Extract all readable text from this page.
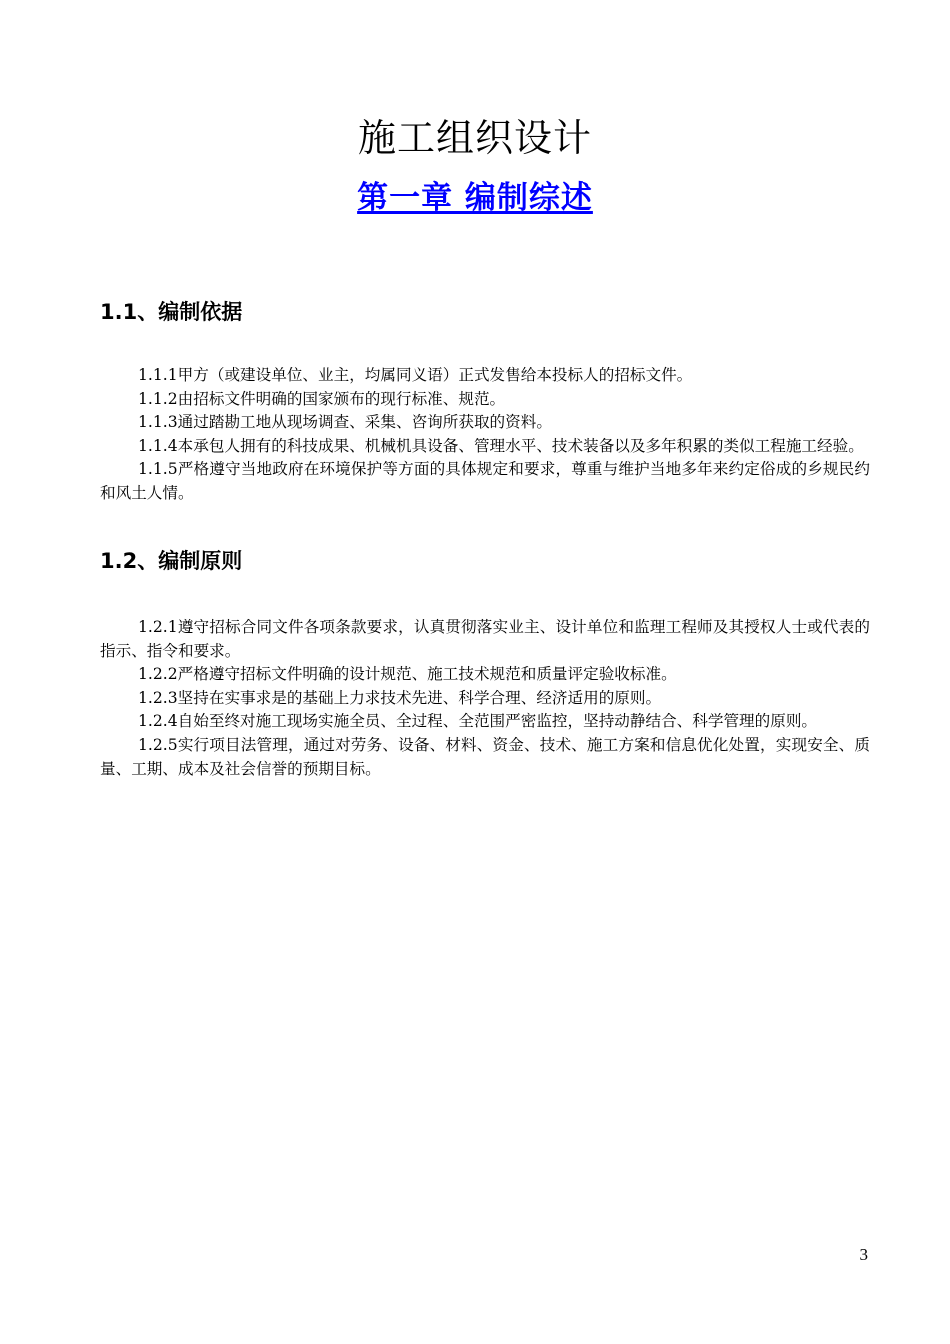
施工组织设计
第一章 编制综述
1.1、编制依据

1.1.1甲方（或建设单位、业主，均属同义语）正式发售给本投标人的招标文件。

1.1.2由招标文件明确的国家颁布的现行标准、规范。

1.1.3通过踏勘工地从现场调查、采集、咨询所获取的资料。

1.1.4本承包人拥有的科技成果、机械机具设备、管理水平、技术装备以及多年积累的类似工程施工经验。

1.1.5严格遵守当地政府在环境保护等方面的具体规定和要求，尊重与维护当地多年来约定俗成的乡规民约和风土人情。

1.2、编制原则

1.2.1遵守招标合同文件各项条款要求，认真贯彻落实业主、设计单位和监理工程师及其授权人士或代表的指示、指令和要求。

1.2.2严格遵守招标文件明确的设计规范、施工技术规范和质量评定验收标准。

1.2.3坚持在实事求是的基础上力求技术先进、科学合理、经济适用的原则。

1.2.4自始至终对施工现场实施全员、全过程、全范围严密监控，坚持动静结合、科学管理的原则。

1.2.5实行项目法管理，通过对劳务、设备、材料、资金、技术、施工方案和信息优化处置，实现安全、质量、工期、成本及社会信誉的预期目标。

3
